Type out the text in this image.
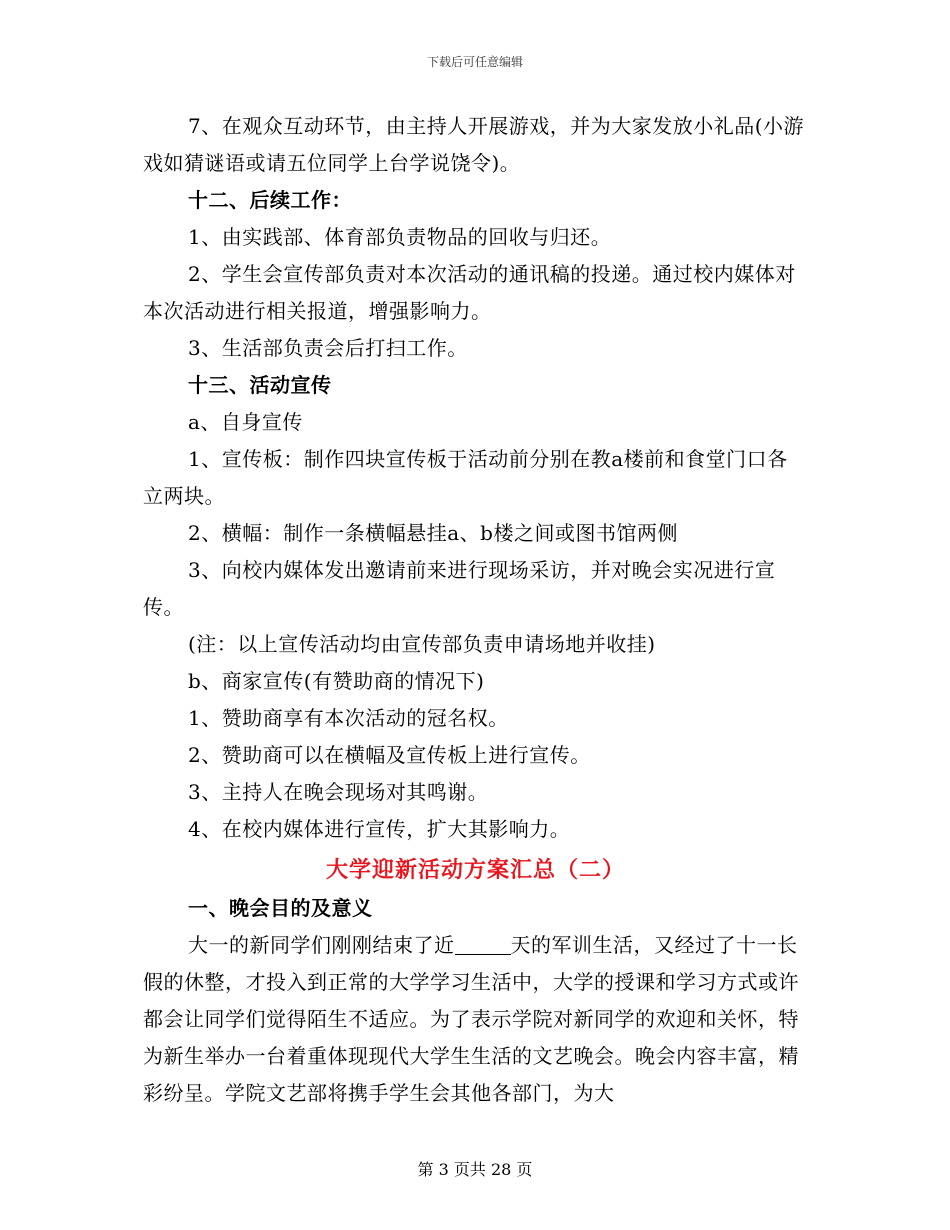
下载后可任意编辑

7、在观众互动环节，由主持人开展游戏，并为大家发放小礼品(小游戏如猜谜语或请五位同学上台学说饶令)。

十二、后续工作：

1、由实践部、体育部负责物品的回收与归还。

2、学生会宣传部负责对本次活动的通讯稿的投递。通过校内媒体对本次活动进行相关报道，增强影响力。

3、生活部负责会后打扫工作。

十三、活动宣传

a、自身宣传

1、宣传板：制作四块宣传板于活动前分别在教a楼前和食堂门口各立两块。

2、横幅：制作一条横幅悬挂a、b楼之间或图书馆两侧

3、向校内媒体发出邀请前来进行现场采访，并对晚会实况进行宣传。

(注：以上宣传活动均由宣传部负责申请场地并收挂)

b、商家宣传(有赞助商的情况下)

1、赞助商享有本次活动的冠名权。

2、赞助商可以在横幅及宣传板上进行宣传。

3、主持人在晚会现场对其鸣谢。

4、在校内媒体进行宣传，扩大其影响力。

大学迎新活动方案汇总（二）

一、晚会目的及意义

大一的新同学们刚刚结束了近	天的军训生活，又经过了十一长假的休整，才投入到正常的大学学习生活中，大学的授课和学习方式或许都会让同学们觉得陌生不适应。为了表示学院对新同学的欢迎和关怀，特为新生举办一台着重体现现代大学生生活的文艺晚会。晚会内容丰富，精彩纷呈。学院文艺部将携手学生会其他各部门，为大

第 3 页共 28 页
